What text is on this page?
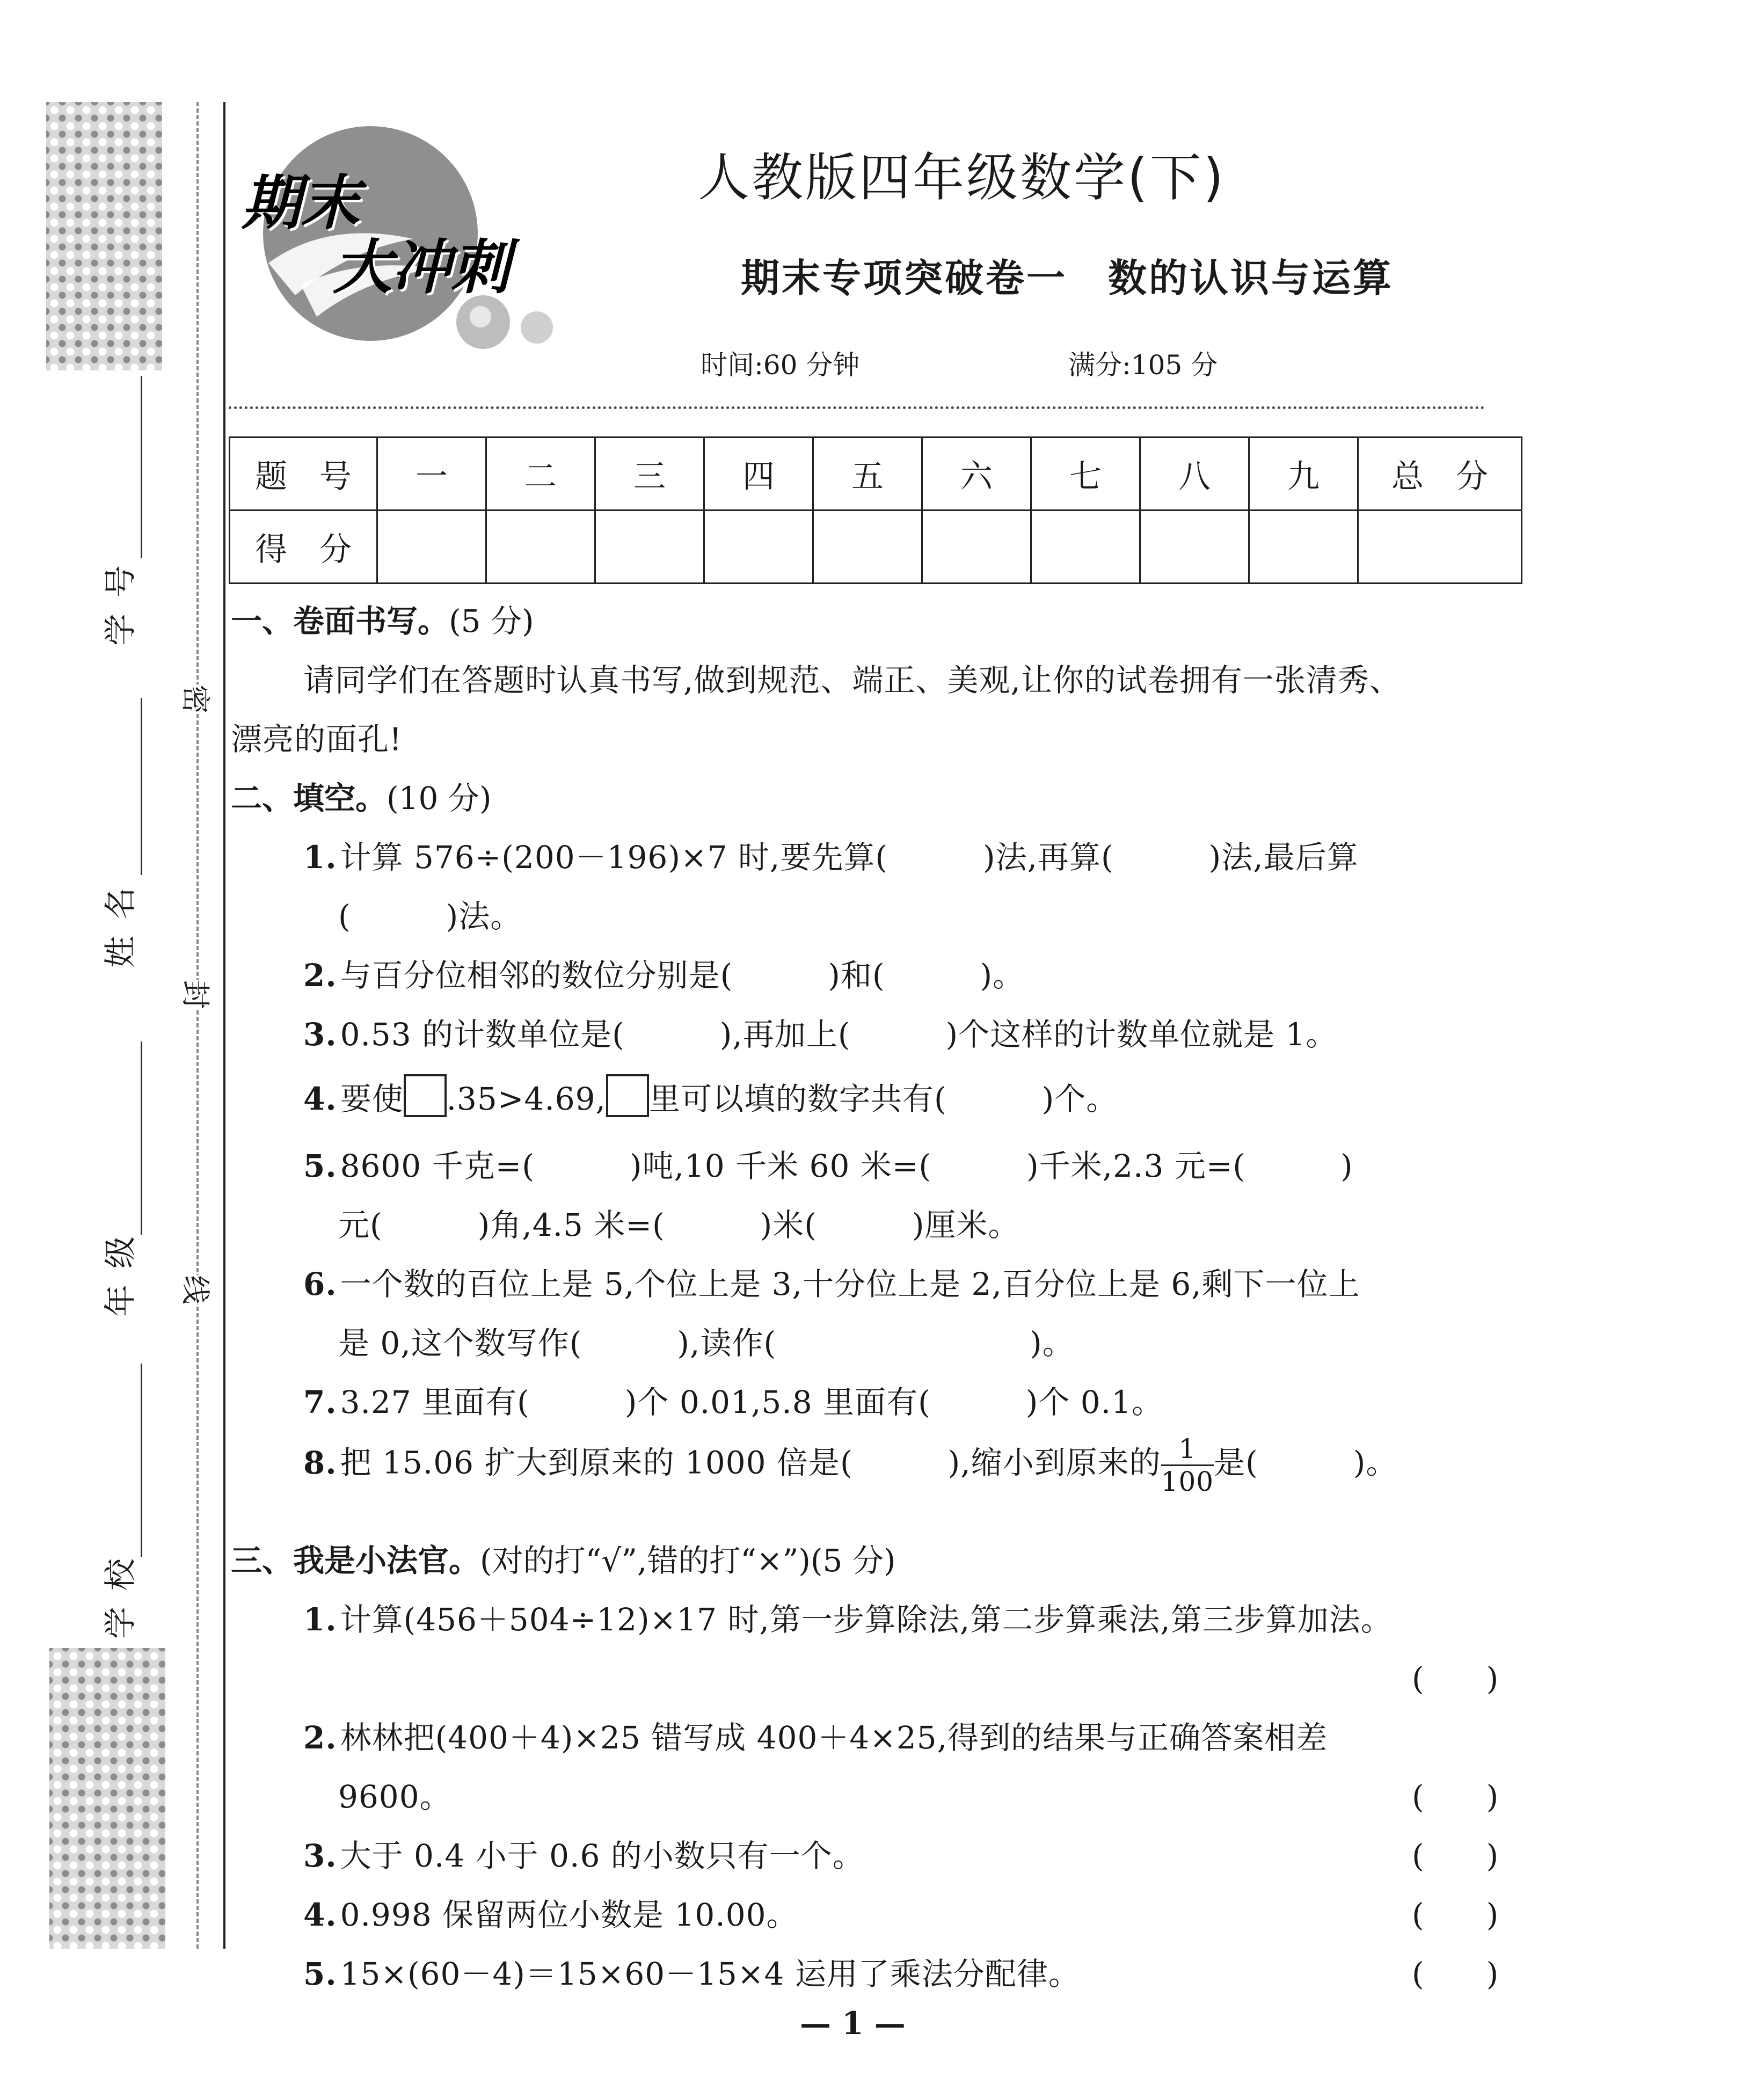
学号
姓名
年级
学校
密
封
线
期末
大冲刺
人教版四年级数学(下)
期末专项突破卷一　数的认识与运算
时间:60 分钟	满分:105 分
题　号	一	二	三	四	五	六	七	八	九	总　分
得　分										
一、卷面书写。(5 分)
请同学们在答题时认真书写,做到规范、端正、美观,让你的试卷拥有一张清秀、
漂亮的面孔!
二、填空。(10 分)
1. 计算 576÷(200－196)×7 时,要先算(　　　)法,再算(　　　)法,最后算
(　　　)法。
2. 与百分位相邻的数位分别是(　　　)和(　　　)。
3. 0.53 的计数单位是(　　　),再加上(　　　)个这样的计数单位就是 1。
4. 要使 .35>4.69, 里可以填的数字共有(　　　)个。
5. 8600 千克=(　　　)吨,10 千米 60 米=(　　　)千米,2.3 元=(　　　)
元(　　　)角,4.5 米=(　　　)米(　　　)厘米。
6. 一个数的百位上是 5,个位上是 3,十分位上是 2,百分位上是 6,剩下一位上
是 0,这个数写作(　　　),读作(　　　　　　　　)。
7. 3.27 里面有(　　　)个 0.01,5.8 里面有(　　　)个 0.1。
8. 把 15.06 扩大到原来的 1000 倍是(　　　),缩小到原来的 $\frac{1}{100}$ 是(　　　)。
三、我是小法官。(对的打“√”,错的打“×”)(5 分)
1. 计算(456＋504÷12)×17 时,第一步算除法,第二步算乘法,第三步算加法。
(　　)
2. 林林把(400＋4)×25 错写成 400＋4×25,得到的结果与正确答案相差
9600。	(　　)
3. 大于 0.4 小于 0.6 的小数只有一个。	(　　)
4. 0.998 保留两位小数是 10.00。	(　　)
5. 15×(60－4)＝15×60－15×4 运用了乘法分配律。	(　　)
— 1 —
